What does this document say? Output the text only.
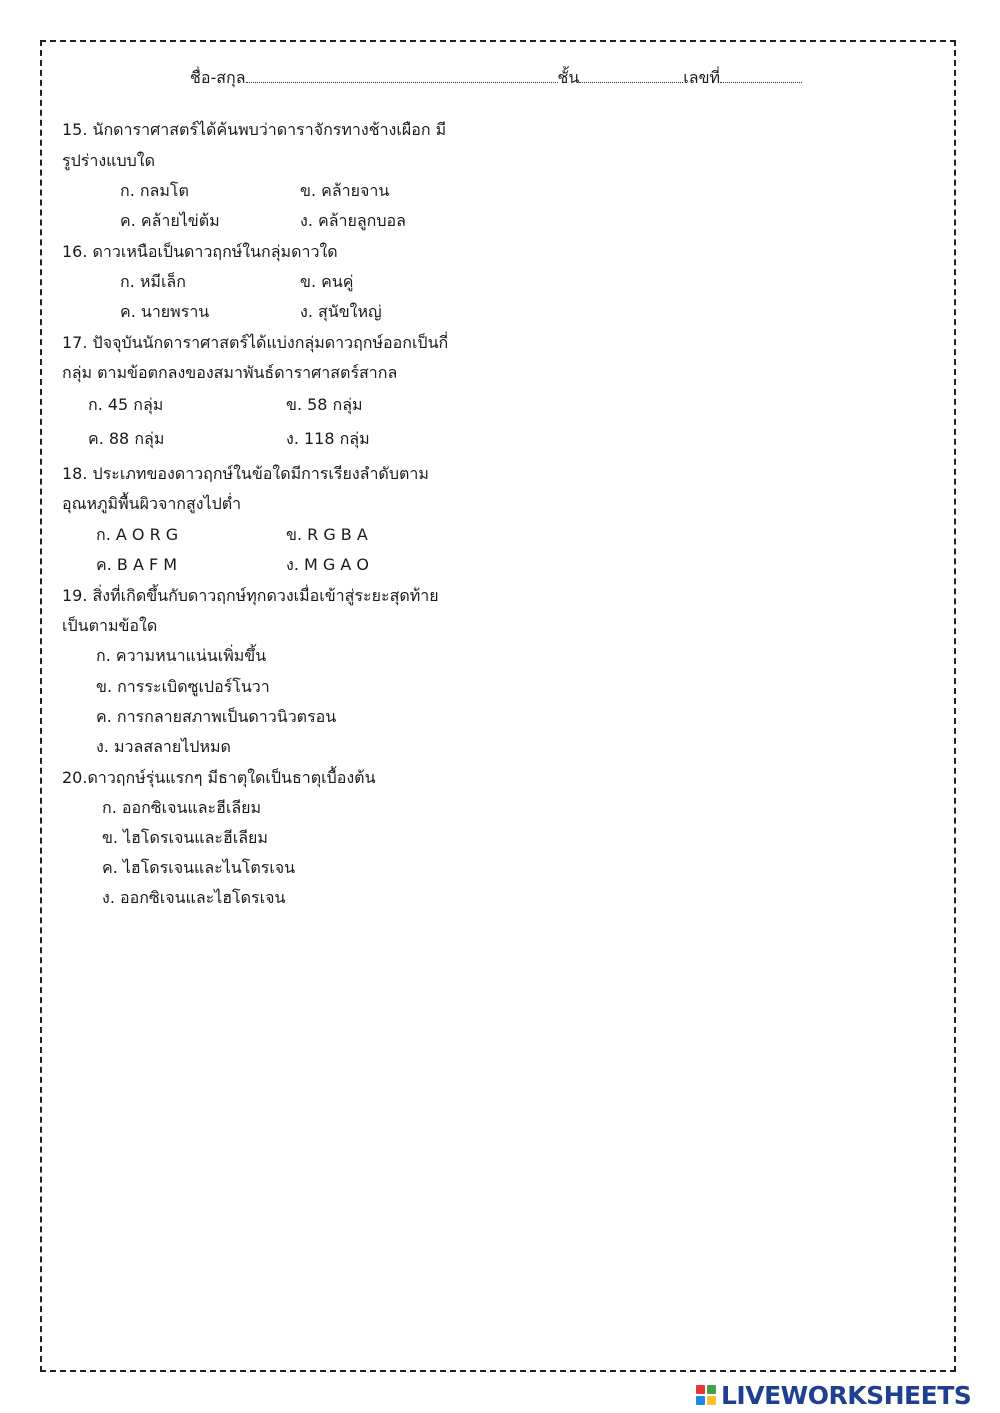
ชื่อ-สกุล	ชั้น	เลขที่
15. นักดาราศาสตร์ได้ค้นพบว่าดาราจักรทางช้างเผือก มี
รูปร่างแบบใด
ก. กลมโต	ข. คล้ายจาน
ค. คล้ายไข่ต้ม	ง. คล้ายลูกบอล
16. ดาวเหนือเป็นดาวฤกษ์ในกลุ่มดาวใด
ก. หมีเล็ก	ข. คนคู่
ค. นายพราน	ง. สุนัขใหญ่
17. ปัจจุบันนักดาราศาสตร์ได้แบ่งกลุ่มดาวฤกษ์ออกเป็นกี่
กลุ่ม ตามข้อตกลงของสมาพันธ์ดาราศาสตร์สากล
ก. 45 กลุ่ม	ข. 58 กลุ่ม
ค. 88 กลุ่ม	ง. 118 กลุ่ม
18. ประเภทของดาวฤกษ์ในข้อใดมีการเรียงลำดับตาม
อุณหภูมิพื้นผิวจากสูงไปต่ำ
ก. A O R G	ข. R G B A
ค. B A F M	ง. M G A O
19. สิ่งที่เกิดขึ้นกับดาวฤกษ์ทุกดวงเมื่อเข้าสู่ระยะสุดท้าย
เป็นตามข้อใด
ก. ความหนาแน่นเพิ่มขึ้น
ข. การระเบิดซูเปอร์โนวา
ค. การกลายสภาพเป็นดาวนิวตรอน
ง. มวลสลายไปหมด
20.ดาวฤกษ์รุ่นแรกๆ มีธาตุใดเป็นธาตุเบื้องต้น
ก. ออกซิเจนและฮีเลียม
ข. ไฮโดรเจนและฮีเลียม
ค. ไฮโดรเจนและไนโตรเจน
ง. ออกซิเจนและไฮโดรเจน
LIVEWORKSHEETS
